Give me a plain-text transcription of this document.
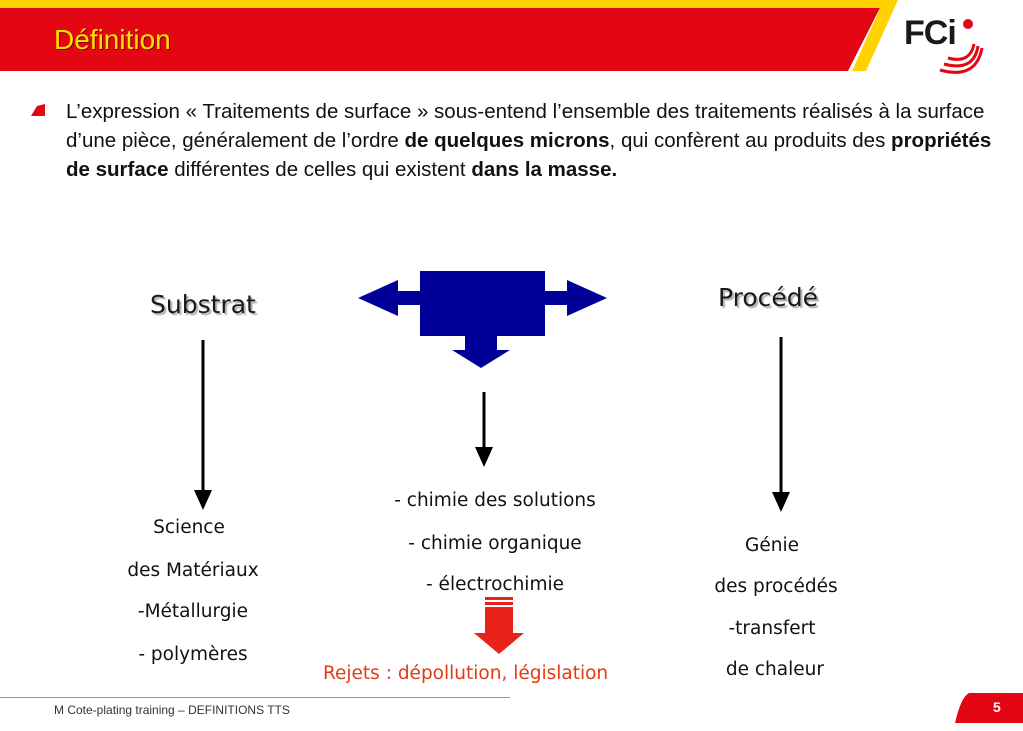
Définition	FCi

L’expression « Traitements de surface » sous-entend l’ensemble des traitements réalisés à la surface d’une pièce, généralement de l’ordre de quelques microns, qui confèrent au produits des propriétés de surface différentes de celles qui existent dans la masse.

Substrat	Procédé
Science
des Matériaux
-Métallurgie
- polymères
- chimie des solutions
- chimie organique
- électrochimie
Rejets : dépollution, législation
Génie
des procédés
-transfert
de chaleur
M Cote-plating training – DEFINITIONS TTS	5
